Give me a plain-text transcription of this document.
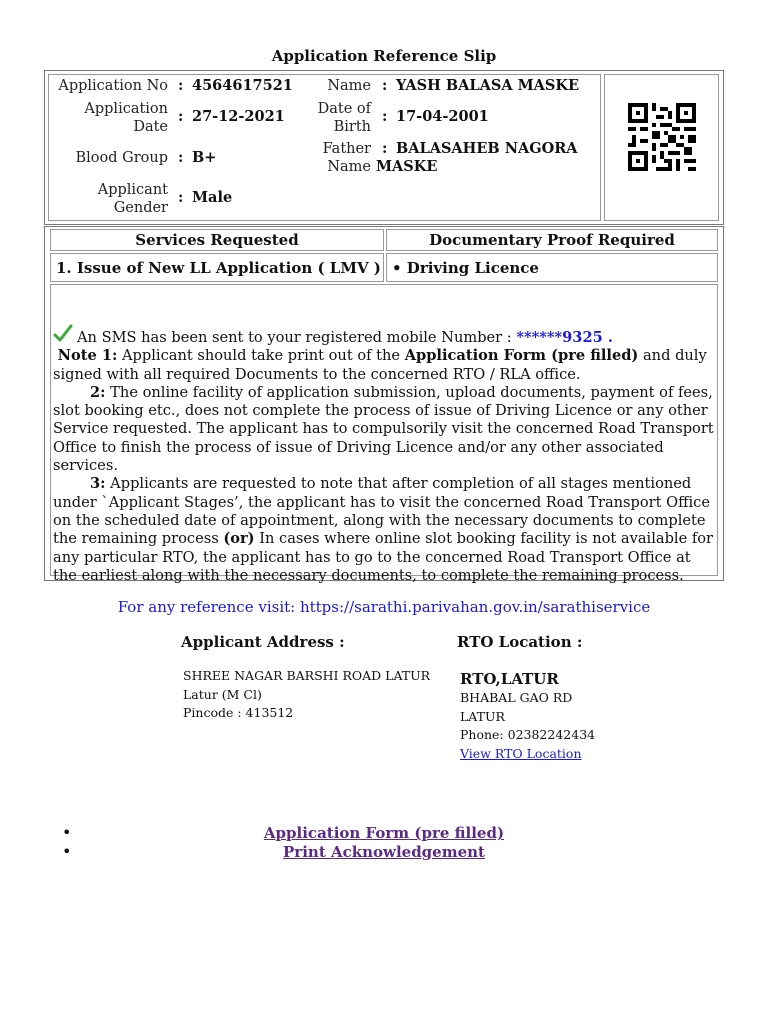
Application Reference Slip
Application No : 4564617521
Application
Date
: 27-12-2021
Blood Group : B+
Applicant
Gender
: Male
Name : YASH BALASA MASKE
Date of
Birth
: 17-04-2001
Father
Name
: BALASAHEB NAGORA
MASKE
Services Requested	Documentary Proof Required
1. Issue of New LL Application ( LMV ) • Driving Licence

An SMS has been sent to your registered mobile Number : ******9325 .

Note 1: Applicant should take print out of the Application Form (pre filled) and duly signed with all required Documents to the concerned RTO / RLA office.

2: The online facility of application submission, upload documents, payment of fees, slot booking etc., does not complete the process of issue of Driving Licence or any other Service requested. The applicant has to compulsorily visit the concerned Road Transport Office to finish the process of issue of Driving Licence and/or any other associated services.

3: Applicants are requested to note that after completion of all stages mentioned under `Applicant Stages’, the applicant has to visit the concerned Road Transport Office on the scheduled date of appointment, along with the necessary documents to complete the remaining process (or) In cases where online slot booking facility is not available for any particular RTO, the applicant has to go to the concerned Road Transport Office at the earliest along with the necessary documents, to complete the remaining process.

For any reference visit: https://sarathi.parivahan.gov.in/sarathiservice
Applicant Address :	RTO Location :
SHREE NAGAR BARSHI ROAD LATUR
Latur (M Cl)
Pincode : 413512
RTO,LATUR
BHABAL GAO RD
LATUR
Phone: 02382242434
View RTO Location
•
•
Application Form (pre filled)
Print Acknowledgement
